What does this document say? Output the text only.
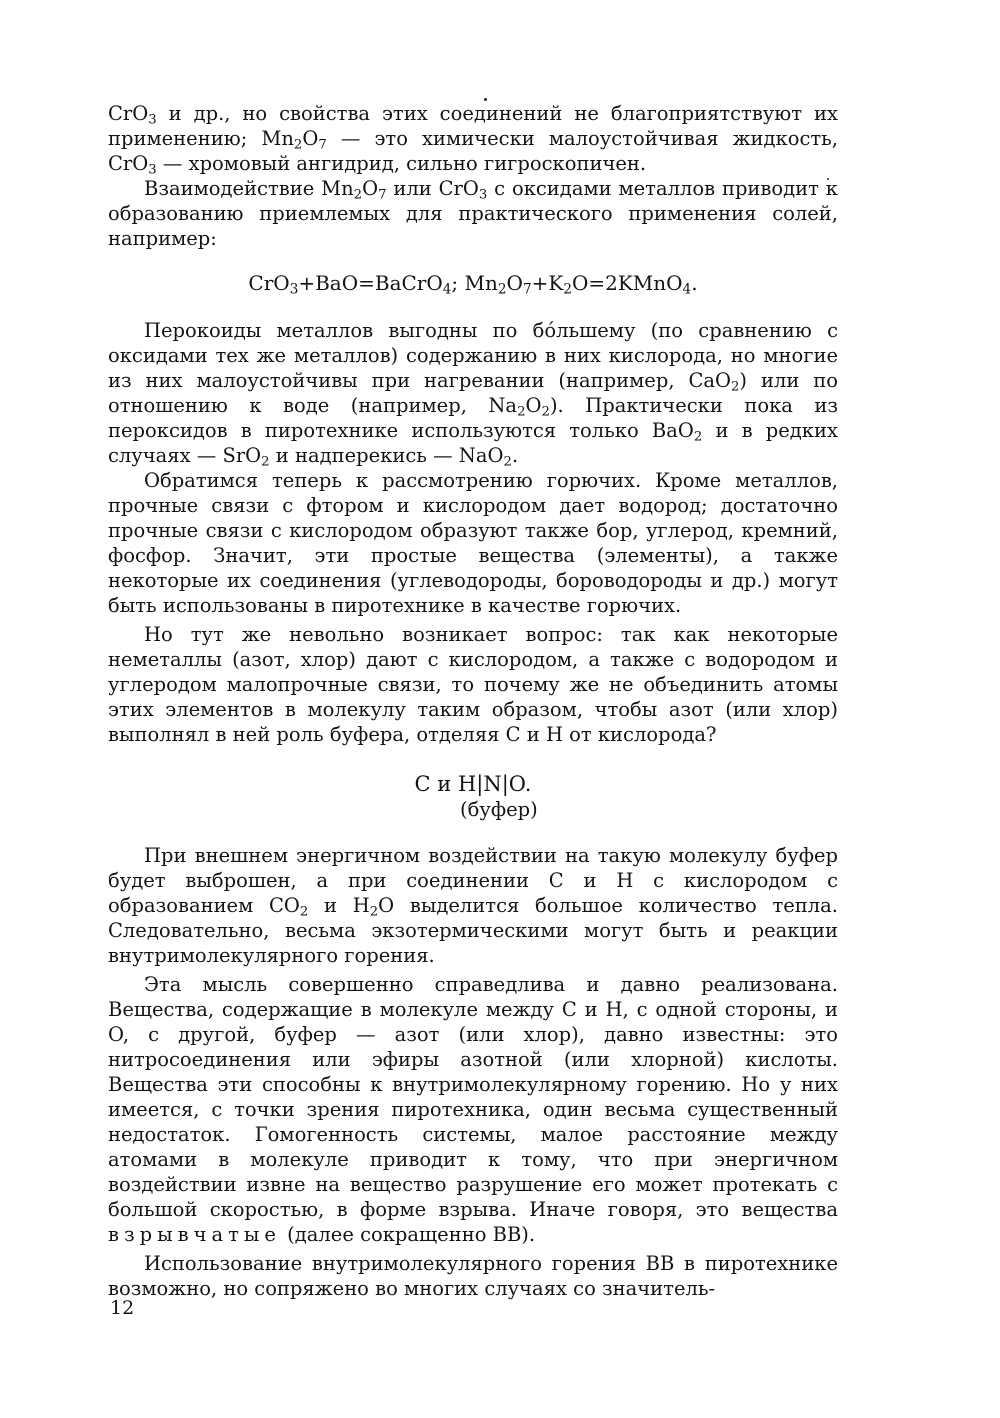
CrO$_3$ и др., но свойства этих соединений не благоприятствуют их применению; $Mn_2O_7$ — это химически малоустойчивая жидкость, CrO$_3$ — хромовый ангидрид, сильно гигроскопичен.

Взаимодействие $Mn_2O_7$ или CrO$_3$ с оксидами металлов приводит к образованию приемлемых для практического применения солей, например:

CrO$_3$+BaO=BaCrO$_4$; $Mn_2O_7+K_2O=2KMnO_4$.

Перокоиды металлов выгодны по бóльшему (по сравнению с оксидами тех же металлов) содержанию в них кислорода, но многие из них малоустойчивы при нагревании (например, CaO$_2$) или по отношению к воде (например, $Na_2O_2$). Практически пока из пероксидов в пиротехнике используются только BaO$_2$ и в редких случаях — SrO$_2$ и надперекись — NaO$_2$.

Обратимся теперь к рассмотрению горючих. Кроме металлов, прочные связи с фтором и кислородом дает водород; достаточно прочные связи с кислородом образуют также бор, углерод, кремний, фосфор. Значит, эти простые вещества (элементы), а также некоторые их соединения (углеводороды, бороводороды и др.) могут быть использованы в пиротехнике в качестве горючих.

Но тут же невольно возникает вопрос: так как некоторые неметаллы (азот, хлор) дают с кислородом, а также с водородом и углеродом малопрочные связи, то почему же не объединить атомы этих элементов в молекулу таким образом, чтобы азот (или хлор) выполнял в ней роль буфера, отделяя C и H от кислорода?

C и H|N|O.
(буфер)

При внешнем энергичном воздействии на такую молекулу буфер будет выброшен, а при соединении C и H с кислородом с образованием $CO_2$ и $H_2O$ выделится большое количество тепла. Следовательно, весьма экзотермическими могут быть и реакции внутримолекулярного горения.

Эта мысль совершенно справедлива и давно реализована. Вещества, содержащие в молекуле между C и H, с одной стороны, и O, с другой, буфер — азот (или хлор), давно известны: это нитросоединения или эфиры азотной (или хлорной) кислоты. Вещества эти способны к внутримолекулярному горению. Но у них имеется, с точки зрения пиротехника, один весьма существенный недостаток. Гомогенность системы, малое расстояние между атомами в молекуле приводит к тому, что при энергичном воздействии извне на вещество разрушение его может протекать с большой скоростью, в форме взрыва. Иначе говоря, это вещества взрывчатые (далее сокращенно ВВ).

Использование внутримолекулярного горения ВВ в пиротехнике возможно, но сопряжено во многих случаях со значитель-

12
